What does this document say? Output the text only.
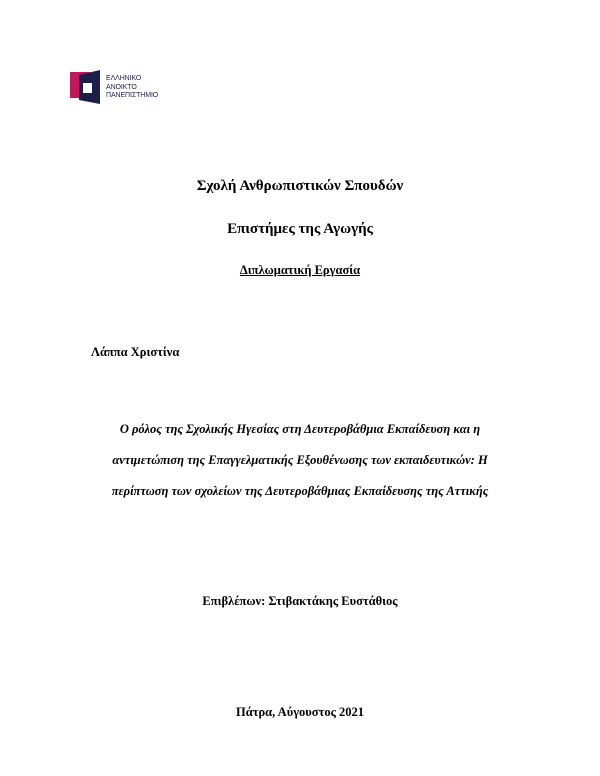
ΕΛΛΗΝΙΚΟ
ΑΝΟΙΚΤΟ
ΠΑΝΕΠΙΣΤΗΜΙΟ
Σχολή Ανθρωπιστικών Σπουδών
Επιστήμες της Αγωγής
Διπλωματική Εργασία
Λάππα Χριστίνα
Ο ρόλος της Σχολικής Ηγεσίας στη Δευτεροβάθμια Εκπαίδευση και η
αντιμετώπιση της Επαγγελματικής Εξουθένωσης των εκπαιδευτικών: Η
περίπτωση των σχολείων της Δευτεροβάθμιας Εκπαίδευσης της Αττικής
Επιβλέπων: Στιβακτάκης Ευστάθιος
Πάτρα, Αύγουστος 2021
